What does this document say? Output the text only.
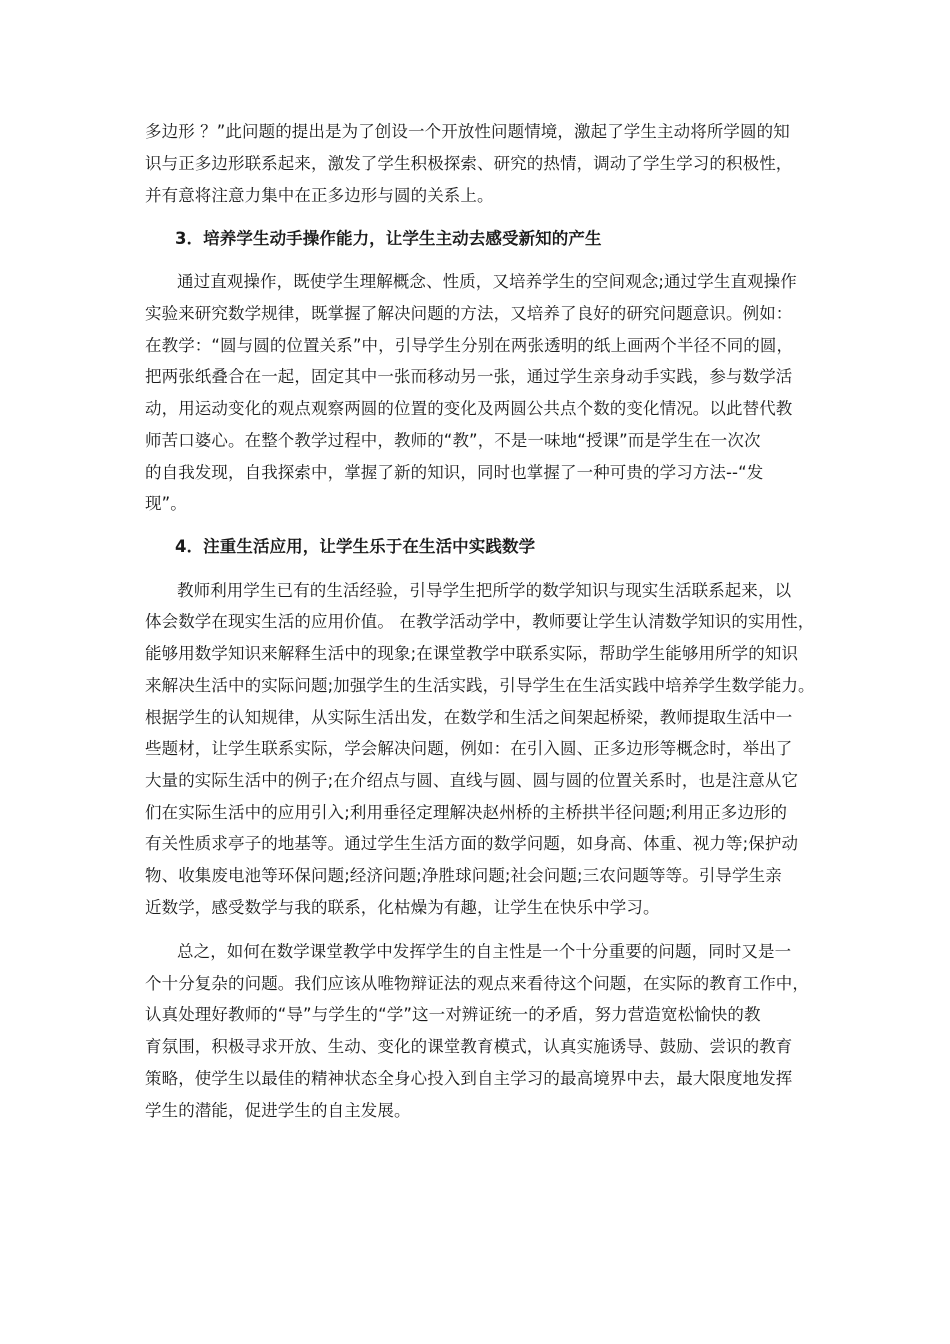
多边形 ？”此问题的提出是为了创设一个开放性问题情境，激起了学生主动将所学圆的知
识与正多边形联系起来，激发了学生积极探索、研究的热情，调动了学生学习的积极性，
并有意将注意力集中在正多边形与圆的关系上。
3．培养学生动手操作能力，让学生主动去感受新知的产生
通过直观操作，既使学生理解概念、性质，又培养学生的空间观念;通过学生直观操作
实验来研究数学规律，既掌握了解决问题的方法，又培养了良好的研究问题意识。例如：
在教学：“圆与圆的位置关系”中，引导学生分别在两张透明的纸上画两个半径不同的圆，
把两张纸叠合在一起，固定其中一张而移动另一张，通过学生亲身动手实践，参与数学活
动，用运动变化的观点观察两圆的位置的变化及两圆公共点个数的变化情况。以此替代教
师苦口婆心。在整个教学过程中，教师的“教”，不是一味地“授课”而是学生在一次次
的自我发现，自我探索中，掌握了新的知识，同时也掌握了一种可贵的学习方法--“发
现”。
4．注重生活应用，让学生乐于在生活中实践数学
教师利用学生已有的生活经验，引导学生把所学的数学知识与现实生活联系起来，以
体会数学在现实生活的应用价值。 在教学活动学中，教师要让学生认清数学知识的实用性，
能够用数学知识来解释生活中的现象;在课堂教学中联系实际，帮助学生能够用所学的知识
来解决生活中的实际问题;加强学生的生活实践，引导学生在生活实践中培养学生数学能力。
根据学生的认知规律，从实际生活出发，在数学和生活之间架起桥梁，教师提取生活中一
些题材，让学生联系实际，学会解决问题，例如：在引入圆、正多边形等概念时，举出了
大量的实际生活中的例子;在介绍点与圆、直线与圆、圆与圆的位置关系时，也是注意从它
们在实际生活中的应用引入;利用垂径定理解决赵州桥的主桥拱半径问题;利用正多边形的
有关性质求亭子的地基等。通过学生生活方面的数学问题，如身高、体重、视力等;保护动
物、收集废电池等环保问题;经济问题;净胜球问题;社会问题;三农问题等等。引导学生亲
近数学，感受数学与我的联系，化枯燥为有趣，让学生在快乐中学习。
总之，如何在数学课堂教学中发挥学生的自主性是一个十分重要的问题，同时又是一
个十分复杂的问题。我们应该从唯物辩证法的观点来看待这个问题，在实际的教育工作中，
认真处理好教师的“导”与学生的“学”这一对辨证统一的矛盾，努力营造宽松愉快的教
育氛围，积极寻求开放、生动、变化的课堂教育模式，认真实施诱导、鼓励、尝识的教育
策略，使学生以最佳的精神状态全身心投入到自主学习的最高境界中去，最大限度地发挥
学生的潜能，促进学生的自主发展。
